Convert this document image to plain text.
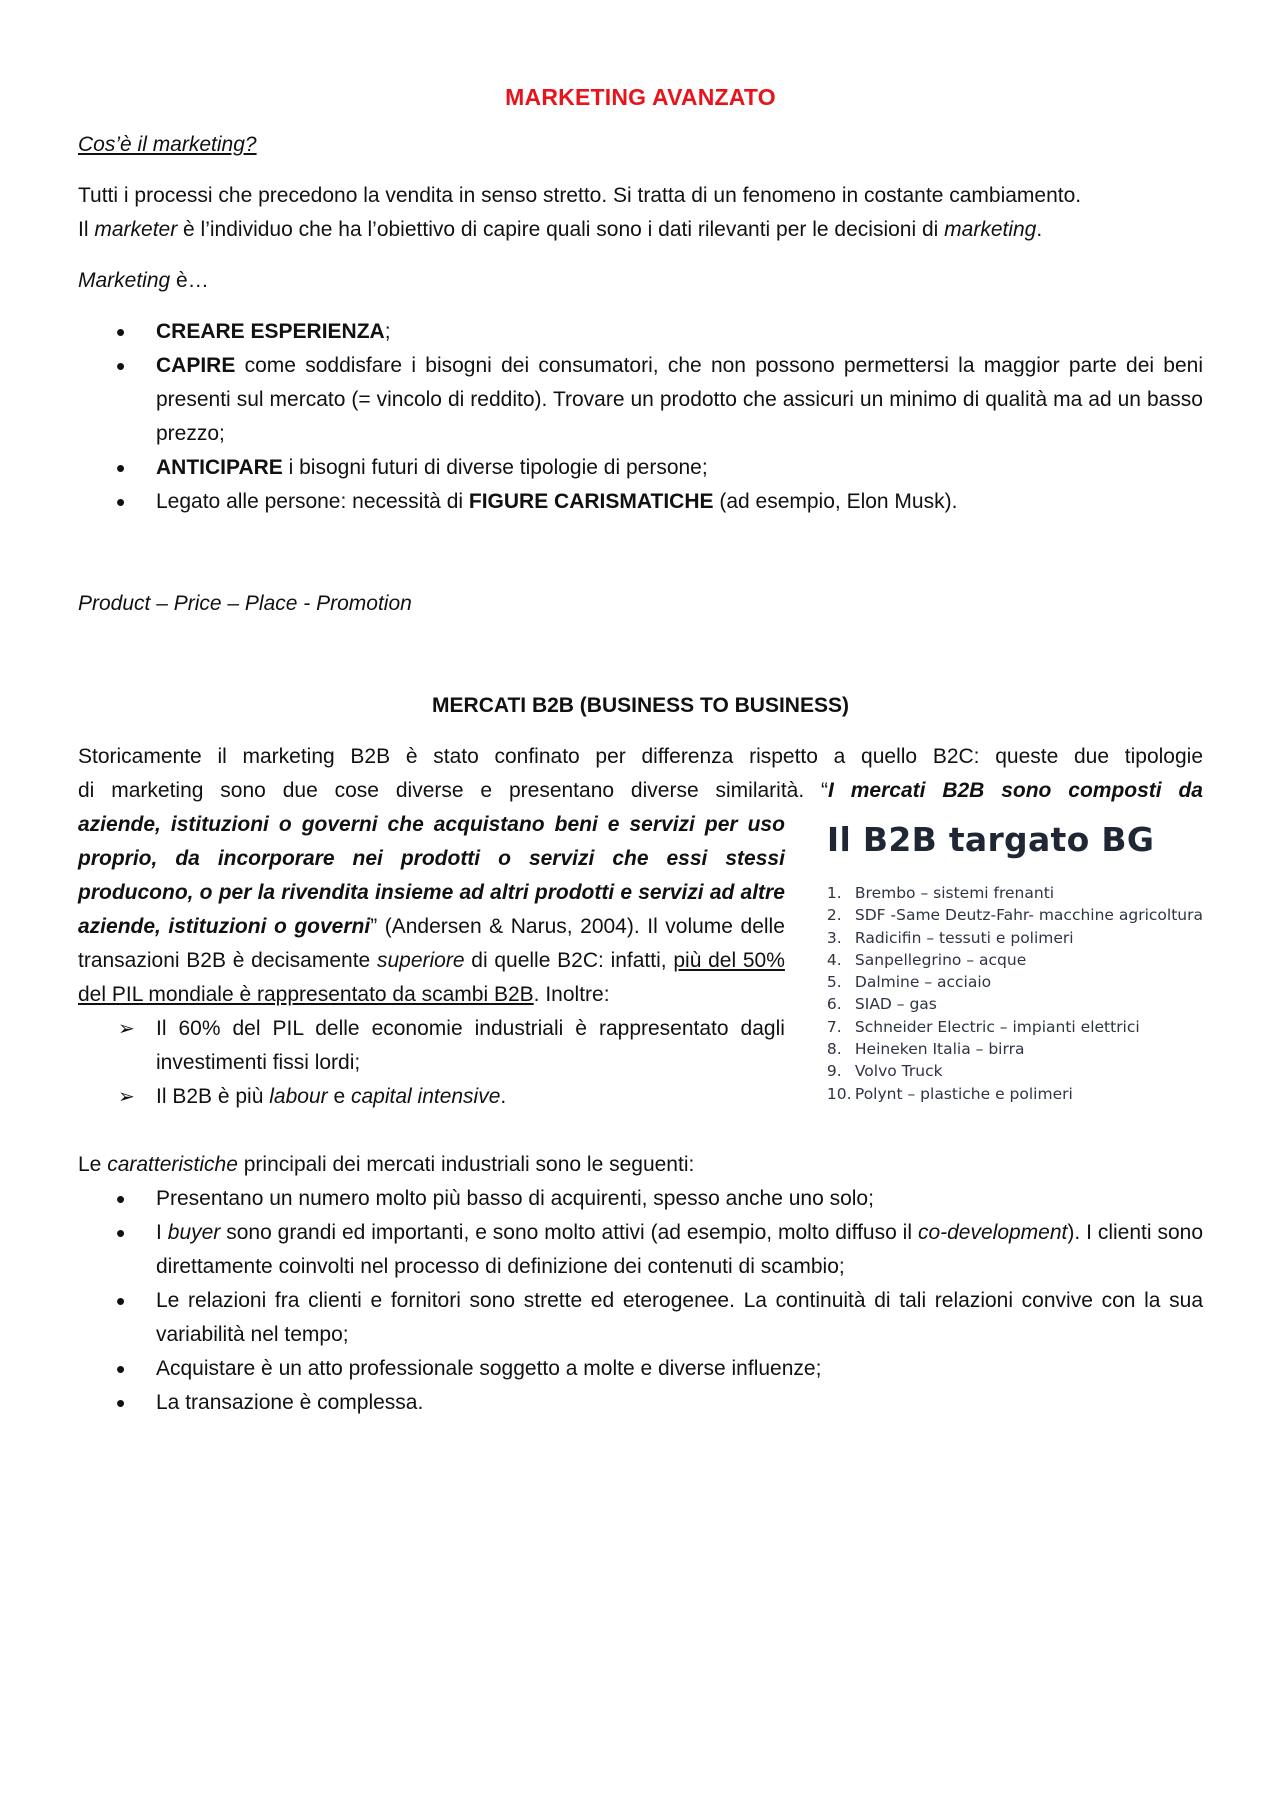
MARKETING AVANZATO

Cos’è il marketing?

Tutti i processi che precedono la vendita in senso stretto. Si tratta di un fenomeno in costante cambiamento.

Il marketer è l’individuo che ha l’obiettivo di capire quali sono i dati rilevanti per le decisioni di marketing.

Marketing è…

• CREARE ESPERIENZA;
• CAPIRE come soddisfare i bisogni dei consumatori, che non possono permettersi la maggior parte dei beni presenti sul mercato (= vincolo di reddito). Trovare un prodotto che assicuri un minimo di qualità ma ad un basso prezzo;
• ANTICIPARE i bisogni futuri di diverse tipologie di persone;
• Legato alle persone: necessità di FIGURE CARISMATICHE (ad esempio, Elon Musk).

Product – Price – Place - Promotion

MERCATI B2B (BUSINESS TO BUSINESS)

Storicamente il marketing B2B è stato confinato per differenza rispetto a quello B2C: queste due tipologie

di marketing sono due cose diverse e presentano diverse similarità. “I mercati B2B sono composti da

aziende, istituzioni o governi che acquistano beni e servizi per uso proprio, da incorporare nei prodotti o servizi che essi stessi producono, o per la rivendita insieme ad altri prodotti e servizi ad altre aziende, istituzioni o governi” (Andersen & Narus, 2004). Il volume delle transazioni B2B è decisamente superiore di quelle B2C: infatti, più del 50% del PIL mondiale è rappresentato da scambi B2B. Inoltre:

➢ Il 60% del PIL delle economie industriali è rappresentato dagli investimenti fissi lordi;
➢ Il B2B è più labour e capital intensive.
Il B2B targato BG
1. Brembo – sistemi frenanti
2. SDF -Same Deutz-Fahr- macchine agricoltura
3. Radicifin – tessuti e polimeri
4. Sanpellegrino – acque
5. Dalmine – acciaio
6. SIAD – gas
7. Schneider Electric – impianti elettrici
8. Heineken Italia – birra
9. Volvo Truck
10. Polynt – plastiche e polimeri

Le caratteristiche principali dei mercati industriali sono le seguenti:

• Presentano un numero molto più basso di acquirenti, spesso anche uno solo;
• I buyer sono grandi ed importanti, e sono molto attivi (ad esempio, molto diffuso il co-development). I clienti sono direttamente coinvolti nel processo di definizione dei contenuti di scambio;
• Le relazioni fra clienti e fornitori sono strette ed eterogenee. La continuità di tali relazioni convive con la sua variabilità nel tempo;
• Acquistare è un atto professionale soggetto a molte e diverse influenze;
• La transazione è complessa.
